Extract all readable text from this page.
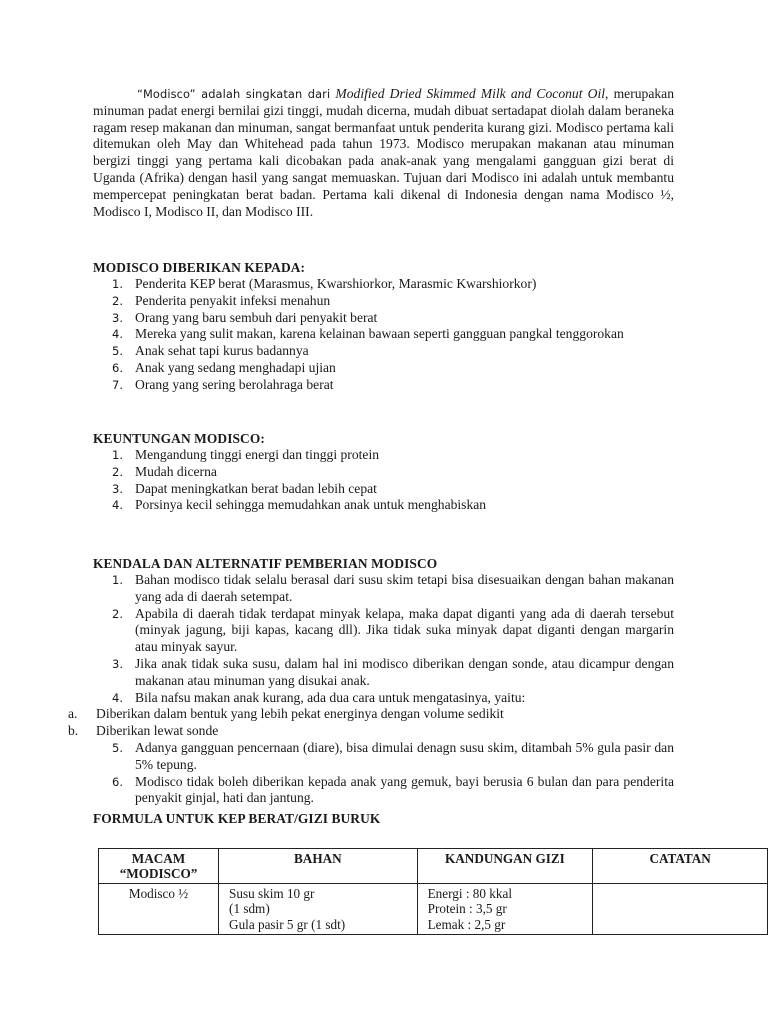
“Modisco” adalah singkatan dari Modified Dried Skimmed Milk and Coconut Oil, merupakan minuman padat energi bernilai gizi tinggi, mudah dicerna, mudah dibuat sertadapat diolah dalam beraneka ragam resep makanan dan minuman, sangat bermanfaat untuk penderita kurang gizi. Modisco pertama kali ditemukan oleh May dan Whitehead pada tahun 1973. Modisco merupakan makanan atau minuman bergizi tinggi yang pertama kali dicobakan pada anak-anak yang mengalami gangguan gizi berat di Uganda (Afrika) dengan hasil yang sangat memuaskan. Tujuan dari Modisco ini adalah untuk membantu mempercepat peningkatan berat badan. Pertama kali dikenal di Indonesia dengan nama Modisco ½, Modisco I, Modisco II, dan Modisco III.

MODISCO DIBERIKAN KEPADA:
1. Penderita KEP berat (Marasmus, Kwarshiorkor, Marasmic Kwarshiorkor)
2. Penderita penyakit infeksi menahun
3. Orang yang baru sembuh dari penyakit berat
4. Mereka yang sulit makan, karena kelainan bawaan seperti gangguan pangkal tenggorokan
5. Anak sehat tapi kurus badannya
6. Anak yang sedang menghadapi ujian
7. Orang yang sering berolahraga berat
KEUNTUNGAN MODISCO:
1. Mengandung tinggi energi dan tinggi protein
2. Mudah dicerna
3. Dapat meningkatkan berat badan lebih cepat
4. Porsinya kecil sehingga memudahkan anak untuk menghabiskan
KENDALA DAN ALTERNATIF PEMBERIAN MODISCO
1. Bahan modisco tidak selalu berasal dari susu skim tetapi bisa disesuaikan dengan bahan makanan yang ada di daerah setempat.
2. Apabila di daerah tidak terdapat minyak kelapa, maka dapat diganti yang ada di daerah tersebut (minyak jagung, biji kapas, kacang dll). Jika tidak suka minyak dapat diganti dengan margarin atau minyak sayur.
3. Jika anak tidak suka susu, dalam hal ini modisco diberikan dengan sonde, atau dicampur dengan makanan atau minuman yang disukai anak.
4. Bila nafsu makan anak kurang, ada dua cara untuk mengatasinya, yaitu:
a. Diberikan dalam bentuk yang lebih pekat energinya dengan volume sedikit
b. Diberikan lewat sonde
5. Adanya gangguan pencernaan (diare), bisa dimulai denagn susu skim, ditambah 5% gula pasir dan 5% tepung.
6. Modisco tidak boleh diberikan kepada anak yang gemuk, bayi berusia 6 bulan dan para penderita penyakit ginjal, hati dan jantung.
FORMULA UNTUK KEP BERAT/GIZI BURUK
MACAM
“MODISCO”	BAHAN	KANDUNGAN GIZI	CATATAN
Modisco ½	Susu skim 10 gr
(1 sdm)
Gula pasir 5 gr (1 sdt)	Energi : 80 kkal
Protein : 3,5 gr
Lemak : 2,5 gr	
